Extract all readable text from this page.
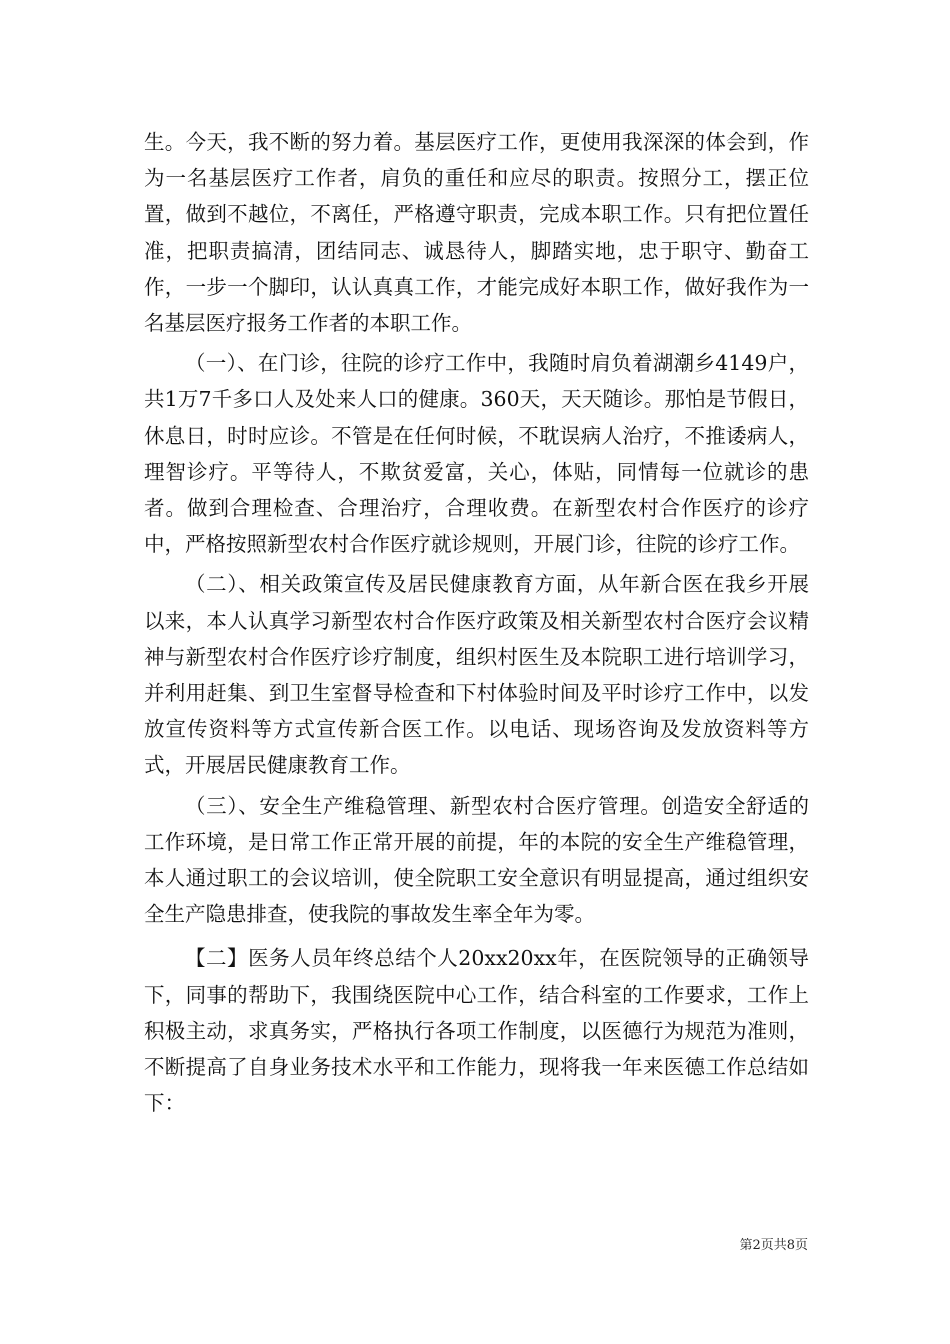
生。今天，我不断的努力着。基层医疗工作，更使用我深深的体会到，作为一名基层医疗工作者，肩负的重任和应尽的职责。按照分工，摆正位置，做到不越位，不离任，严格遵守职责，完成本职工作。只有把位置任准，把职责搞清，团结同志、诚恳待人，脚踏实地，忠于职守、勤奋工作，一步一个脚印，认认真真工作，才能完成好本职工作，做好我作为一名基层医疗报务工作者的本职工作。

（一）、在门诊，往院的诊疗工作中，我随时肩负着湖潮乡4149户，共1万7千多口人及处来人口的健康。360天，天天随诊。那怕是节假日，休息日，时时应诊。不管是在任何时候，不耽误病人治疗，不推诿病人，理智诊疗。平等待人，不欺贫爱富，关心，体贴，同情每一位就诊的患者。做到合理检查、合理治疗，合理收费。在新型农村合作医疗的诊疗中，严格按照新型农村合作医疗就诊规则，开展门诊，往院的诊疗工作。

（二）、相关政策宣传及居民健康教育方面，从年新合医在我乡开展以来，本人认真学习新型农村合作医疗政策及相关新型农村合医疗会议精神与新型农村合作医疗诊疗制度，组织村医生及本院职工进行培训学习，并利用赶集、到卫生室督导检查和下村体验时间及平时诊疗工作中，以发放宣传资料等方式宣传新合医工作。以电话、现场咨询及发放资料等方式，开展居民健康教育工作。

（三）、安全生产维稳管理、新型农村合医疗管理。创造安全舒适的工作环境，是日常工作正常开展的前提，年的本院的安全生产维稳管理，本人通过职工的会议培训，使全院职工安全意识有明显提高，通过组织安全生产隐患排查，使我院的事故发生率全年为零。

【二】医务人员年终总结个人20xx20xx年，在医院领导的正确领导下，同事的帮助下，我围绕医院中心工作，结合科室的工作要求，工作上积极主动，求真务实，严格执行各项工作制度，以医德行为规范为准则，不断提高了自身业务技术水平和工作能力，现将我一年来医德工作总结如下：

第2页共8页
